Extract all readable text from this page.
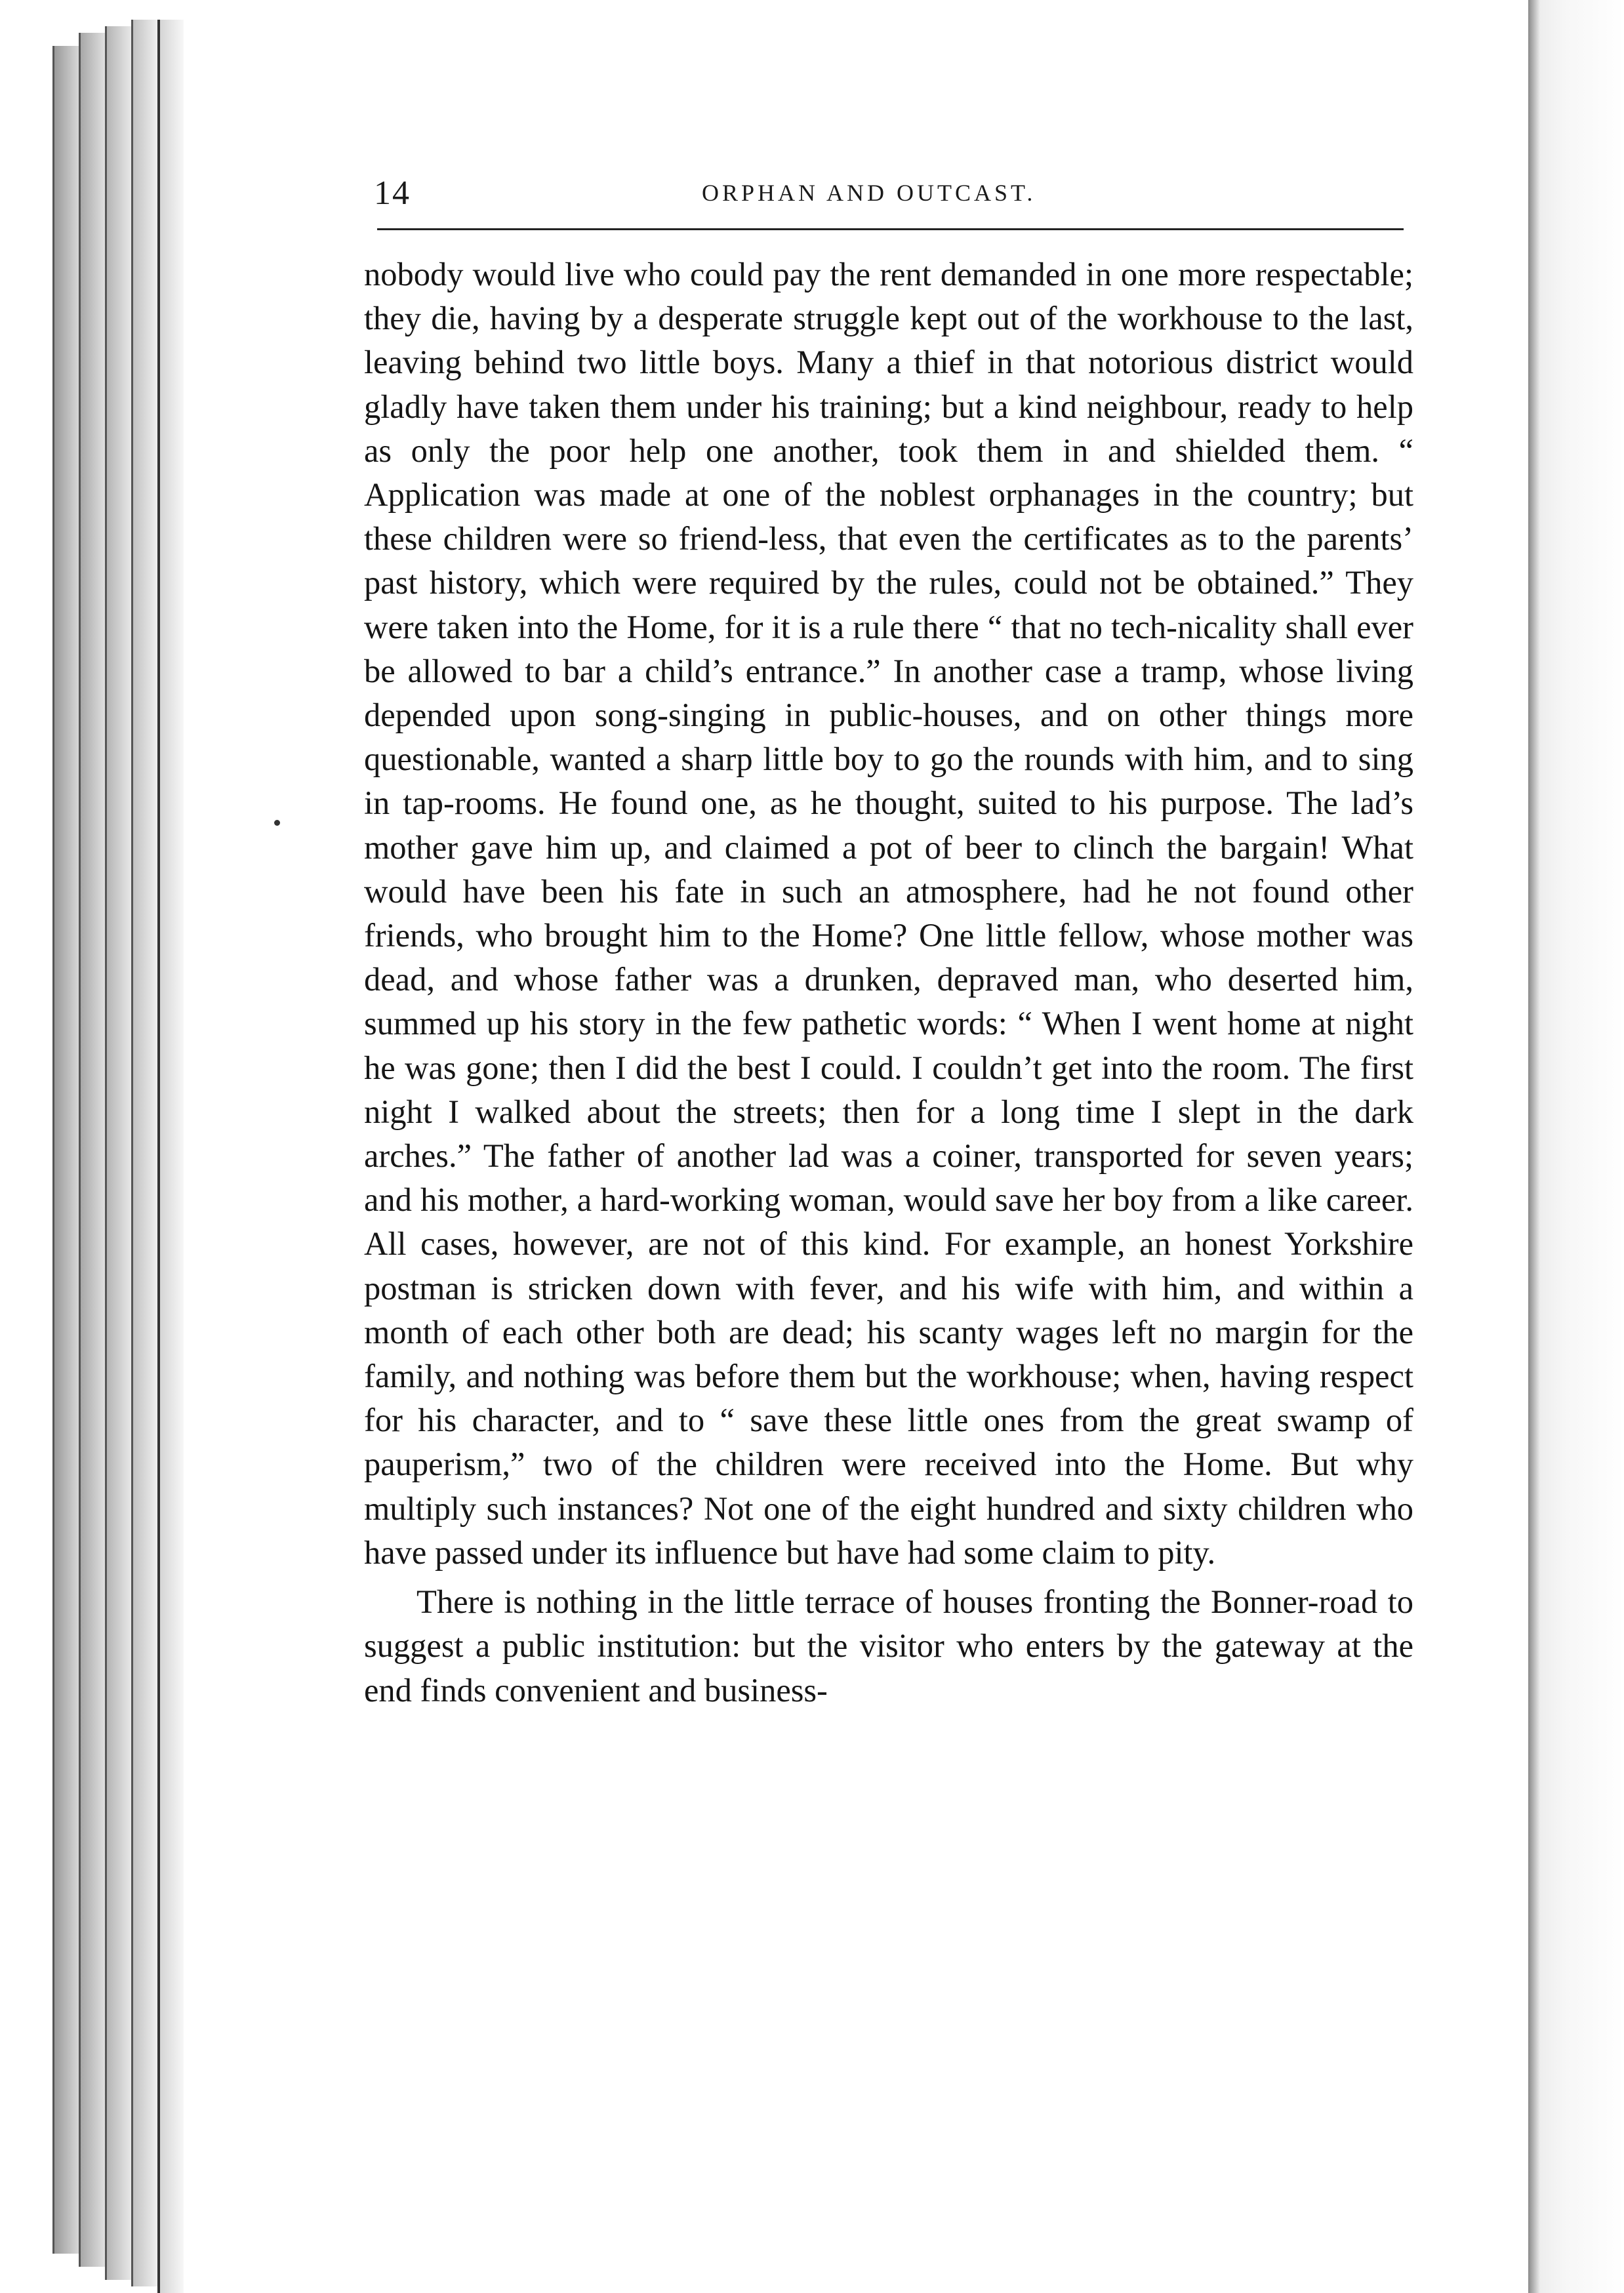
14	ORPHAN AND OUTCAST.

nobody would live who could pay the rent demanded in one more respectable; they die, having by a desperate struggle kept out of the workhouse to the last, leaving behind two little boys. Many a thief in that notorious district would gladly have taken them under his training; but a kind neighbour, ready to help as only the poor help one another, took them in and shielded them. “ Application was made at one of the noblest orphanages in the country; but these children were so friend-less, that even the certificates as to the parents’ past history, which were required by the rules, could not be obtained.” They were taken into the Home, for it is a rule there “ that no tech-nicality shall ever be allowed to bar a child’s entrance.” In another case a tramp, whose living depended upon song-singing in public-houses, and on other things more questionable, wanted a sharp little boy to go the rounds with him, and to sing in tap-rooms. He found one, as he thought, suited to his purpose. The lad’s mother gave him up, and claimed a pot of beer to clinch the bargain! What would have been his fate in such an atmosphere, had he not found other friends, who brought him to the Home? One little fellow, whose mother was dead, and whose father was a drunken, depraved man, who deserted him, summed up his story in the few pathetic words: “ When I went home at night he was gone; then I did the best I could. I couldn’t get into the room. The first night I walked about the streets; then for a long time I slept in the dark arches.” The father of another lad was a coiner, transported for seven years; and his mother, a hard-working woman, would save her boy from a like career. All cases, however, are not of this kind. For example, an honest Yorkshire postman is stricken down with fever, and his wife with him, and within a month of each other both are dead; his scanty wages left no margin for the family, and nothing was before them but the workhouse; when, having respect for his character, and to “ save these little ones from the great swamp of pauperism,” two of the children were received into the Home. But why multiply such instances? Not one of the eight hundred and sixty children who have passed under its influence but have had some claim to pity.

There is nothing in the little terrace of houses fronting the Bonner-road to suggest a public institution: but the visitor who enters by the gateway at the end finds convenient and business-
